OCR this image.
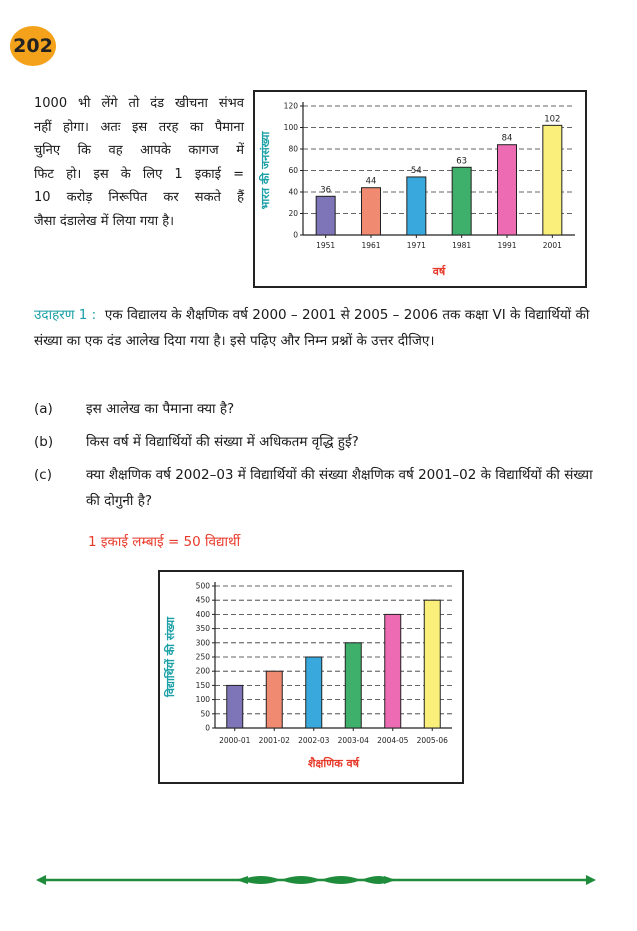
202
1000 भी लेंगे तो दंड खीचना संभव
नहीं होगा। अतः इस तरह का पैमाना
चुनिए कि वह आपके कागज में
फिट हो। इस के लिए 1 इकाई =
10 करोड़ निरूपित कर सकते हैं
जैसा दंडालेख में लिया गया है।
0
20
40
60
80
100
120
1951
36
1961
44
1971
54
1981
63
1991
84
2001
102
वर्ष
भारत की जनसंख्या
उदाहरण 1 : एक विद्यालय के शैक्षणिक वर्ष 2000 – 2001 से 2005 – 2006 तक कक्षा VI के विद्यार्थियों की संख्या का एक दंड आलेख दिया गया है। इसे पढ़िए और निम्न प्रश्नों के उत्तर दीजिए।
(a)	इस आलेख का पैमाना क्या है?
(b)	किस वर्ष में विद्यार्थियों की संख्या में अधिकतम वृद्धि हुई?
(c)	क्या शैक्षणिक वर्ष 2002–03 में विद्यार्थियों की संख्या शैक्षणिक वर्ष 2001–02 के विद्यार्थियों की संख्या की दोगुनी है?
1 इकाई लम्बाई = 50 विद्यार्थी
0
50
100
150
200
250
300
350
400
450
500
2000-01 2001-02 2002-03 2003-04 2004-05 2005-06
शैक्षणिक वर्ष
विद्यार्थियों की संख्या
